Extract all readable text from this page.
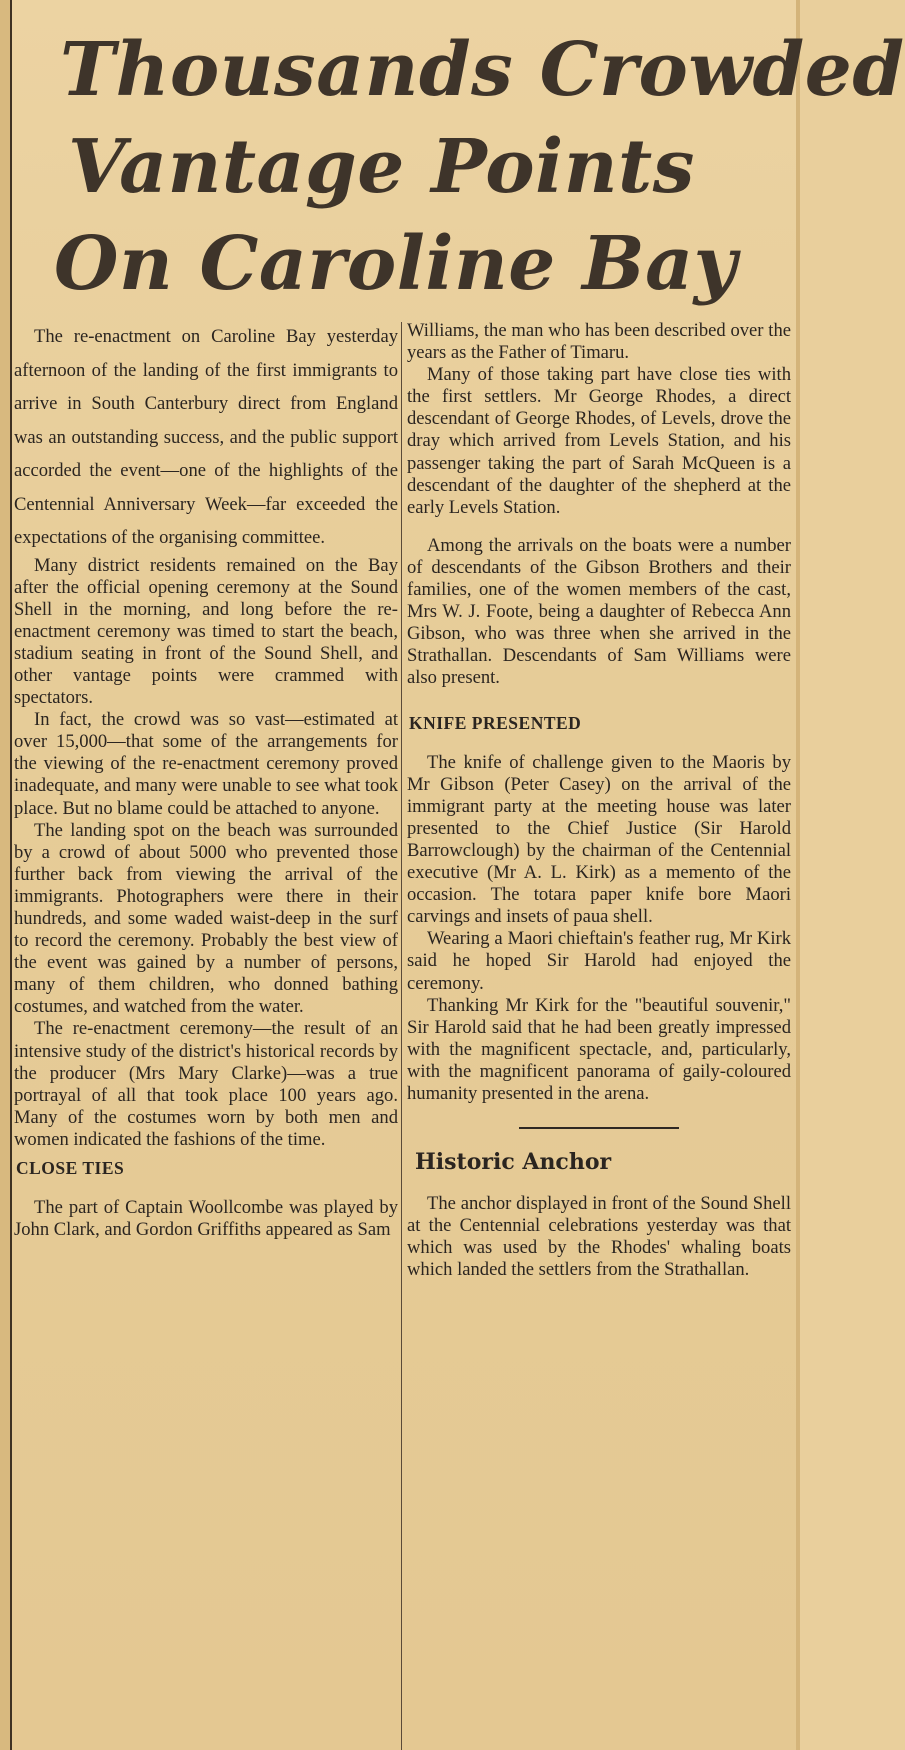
Thousands Crowded
Vantage Points
On Caroline Bay

The re-enactment on Caroline Bay yesterday afternoon of the landing of the first immigrants to arrive in South Canterbury direct from England was an outstanding success, and the public support accorded the event—one of the highlights of the Centennial Anniversary Week—far exceeded the expectations of the organising committee.

Many district residents remained on the Bay after the official opening ceremony at the Sound Shell in the morning, and long before the re-enactment ceremony was timed to start the beach, stadium seating in front of the Sound Shell, and other vantage points were crammed with spectators.

In fact, the crowd was so vast—estimated at over 15,000—that some of the arrangements for the viewing of the re-enactment ceremony proved inadequate, and many were unable to see what took place. But no blame could be attached to anyone.

The landing spot on the beach was surrounded by a crowd of about 5000 who prevented those further back from viewing the arrival of the immigrants. Photographers were there in their hundreds, and some waded waist-deep in the surf to record the ceremony. Probably the best view of the event was gained by a number of persons, many of them children, who donned bathing costumes, and watched from the water.

The re-enactment ceremony—the result of an intensive study of the district's historical records by the producer (Mrs Mary Clarke)—was a true portrayal of all that took place 100 years ago. Many of the costumes worn by both men and women indicated the fashions of the time.

CLOSE TIES

The part of Captain Woollcombe was played by John Clark, and Gordon Griffiths appeared as Sam

Williams, the man who has been described over the years as the Father of Timaru.

Many of those taking part have close ties with the first settlers. Mr George Rhodes, a direct descendant of George Rhodes, of Levels, drove the dray which arrived from Levels Station, and his passenger taking the part of Sarah McQueen is a descendant of the daughter of the shepherd at the early Levels Station.

Among the arrivals on the boats were a number of descendants of the Gibson Brothers and their families, one of the women members of the cast, Mrs W. J. Foote, being a daughter of Rebecca Ann Gibson, who was three when she arrived in the Strathallan. Descendants of Sam Williams were also present.

KNIFE PRESENTED

The knife of challenge given to the Maoris by Mr Gibson (Peter Casey) on the arrival of the immigrant party at the meeting house was later presented to the Chief Justice (Sir Harold Barrowclough) by the chairman of the Centennial executive (Mr A. L. Kirk) as a memento of the occasion. The totara paper knife bore Maori carvings and insets of paua shell.

Wearing a Maori chieftain's feather rug, Mr Kirk said he hoped Sir Harold had enjoyed the ceremony.

Thanking Mr Kirk for the "beautiful souvenir," Sir Harold said that he had been greatly impressed with the magnificent spectacle, and, particularly, with the magnificent panorama of gaily-coloured humanity presented in the arena.

Historic Anchor

The anchor displayed in front of the Sound Shell at the Centennial celebrations yesterday was that which was used by the Rhodes' whaling boats which landed the settlers from the Strathallan.
